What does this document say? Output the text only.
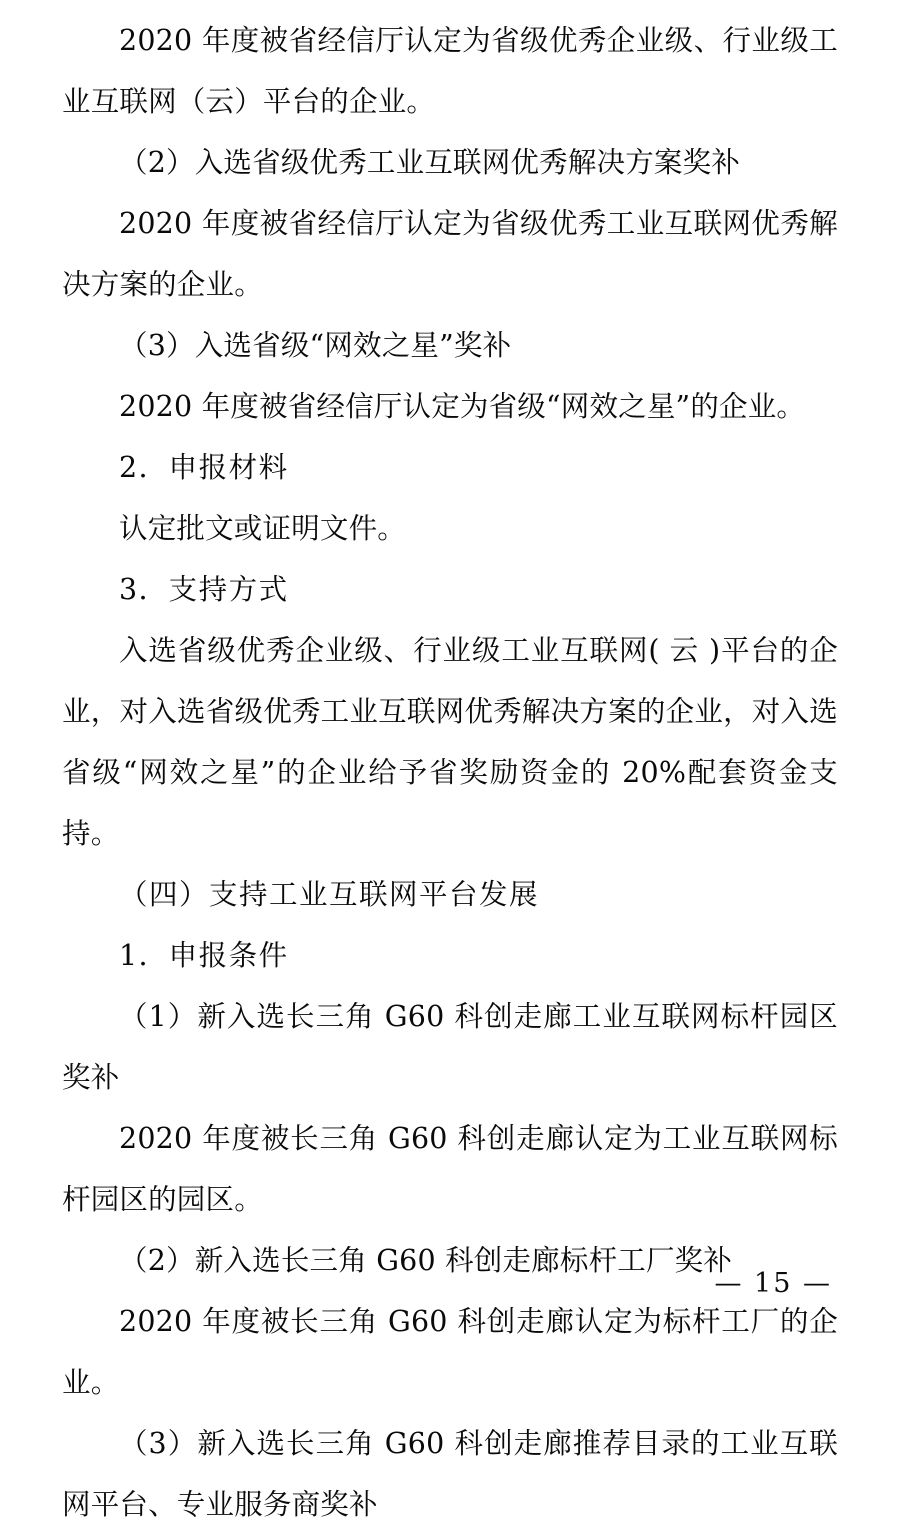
2020 年度被省经信厅认定为省级优秀企业级、行业级工业互联网（云）平台的企业。

（2）入选省级优秀工业互联网优秀解决方案奖补

2020 年度被省经信厅认定为省级优秀工业互联网优秀解决方案的企业。

（3）入选省级“网效之星”奖补

2020 年度被省经信厅认定为省级“网效之星”的企业。

2．申报材料

认定批文或证明文件。

3．支持方式

入选省级优秀企业级、行业级工业互联网( 云 )平台的企业，对入选省级优秀工业互联网优秀解决方案的企业，对入选省级“网效之星”的企业给予省奖励资金的 20%配套资金支持。

（四）支持工业互联网平台发展

1．申报条件

（1）新入选长三角 G60 科创走廊工业互联网标杆园区奖补

2020 年度被长三角 G60 科创走廊认定为工业互联网标杆园区的园区。

（2）新入选长三角 G60 科创走廊标杆工厂奖补

2020 年度被长三角 G60 科创走廊认定为标杆工厂的企业。

（3）新入选长三角 G60 科创走廊推荐目录的工业互联网平台、专业服务商奖补

— 15 —
